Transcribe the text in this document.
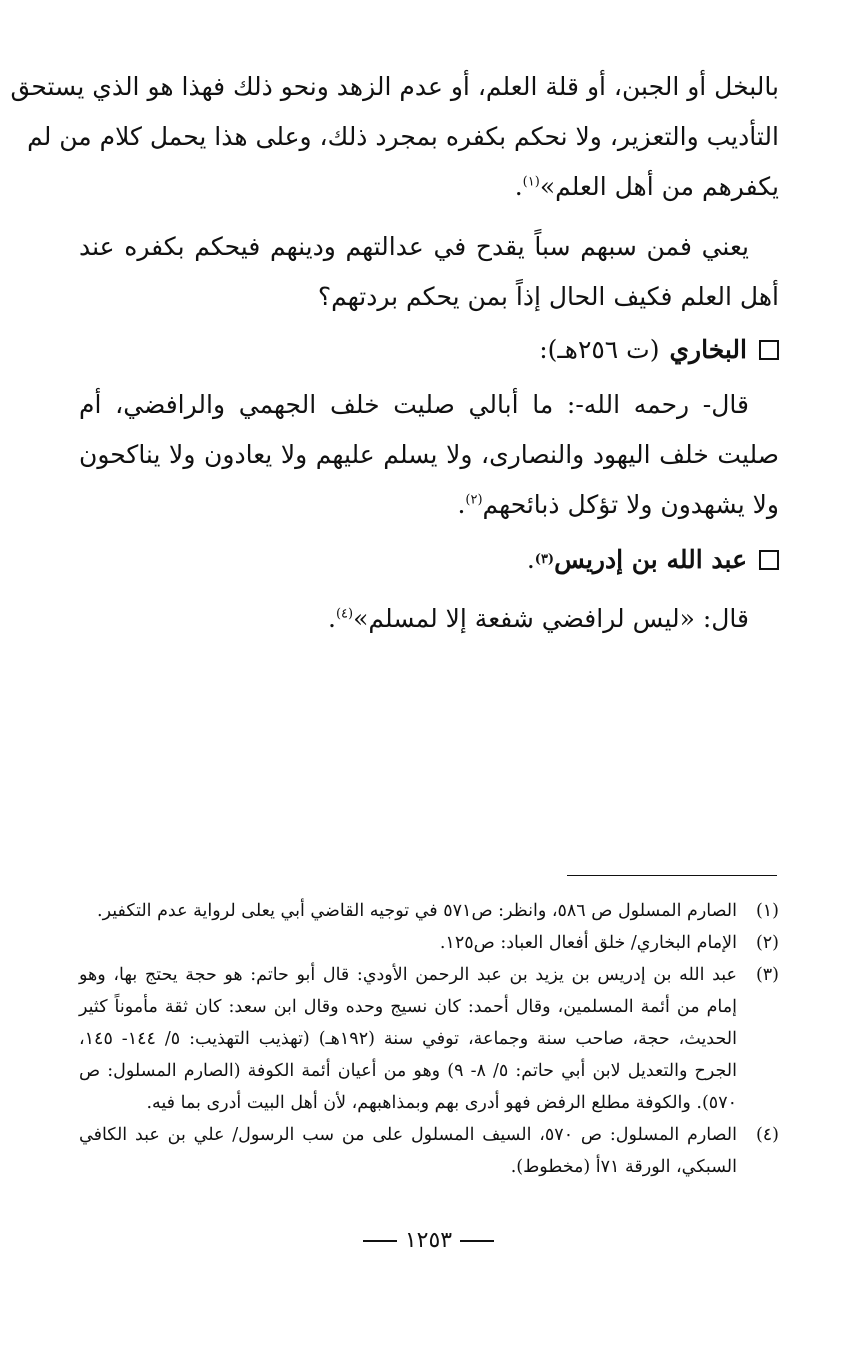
بالبخل أو الجبن، أو قلة العلم، أو عدم الزهد ونحو ذلك فهذا هو الذي يستحق
التأديب والتعزير، ولا نحكم بكفره بمجرد ذلك، وعلى هذا يحمل كلام من لم
يكفرهم من أهل العلم»$^{(١)}$.
يعني فمن سبهم سباً يقدح في عدالتهم ودينهم فيحكم بكفره عند أهل العلم فكيف الحال إذاً بمن يحكم بردتهم؟
البخاري
(ت ٢٥٦هـ):
قال- رحمه الله-: ما أبالي صليت خلف الجهمي والرافضي، أم صليت خلف اليهود والنصارى، ولا يسلم عليهم ولا يعادون ولا يناكحون ولا يشهدون ولا تؤكل ذبائحهم$^{(٢)}$.
عبد الله بن إدريس
(٣)
.
قال: «ليس لرافضي شفعة إلا لمسلم»$^{(٤)}$.
(١)
الصارم المسلول ص ٥٨٦، وانظر: ص٥٧١ في توجيه القاضي أبي يعلى لرواية عدم التكفير.
(٢)
الإمام البخاري/ خلق أفعال العباد: ص١٢٥.
(٣)
عبد الله بن إدريس بن يزيد بن عبد الرحمن الأودي: قال أبو حاتم: هو حجة يحتج بها، وهو إمام من أئمة المسلمين، وقال أحمد: كان نسيج وحده وقال ابن سعد: كان ثقة مأموناً كثير الحديث، حجة، صاحب سنة وجماعة، توفي سنة (١٩٢هـ) (تهذيب التهذيب: ٥/ ١٤٤- ١٤٥، الجرح والتعديل لابن أبي حاتم: ٥/ ٨- ٩) وهو من أعيان أئمة الكوفة (الصارم المسلول: ص ٥٧٠). والكوفة مطلع الرفض فهو أدرى بهم وبمذاهبهم، لأن أهل البيت أدرى بما فيه.
(٤)
الصارم المسلول: ص ٥٧٠، السيف المسلول على من سب الرسول/ علي بن عبد الكافي السبكي، الورقة ٧١أ (مخطوط).
١٢٥٣
